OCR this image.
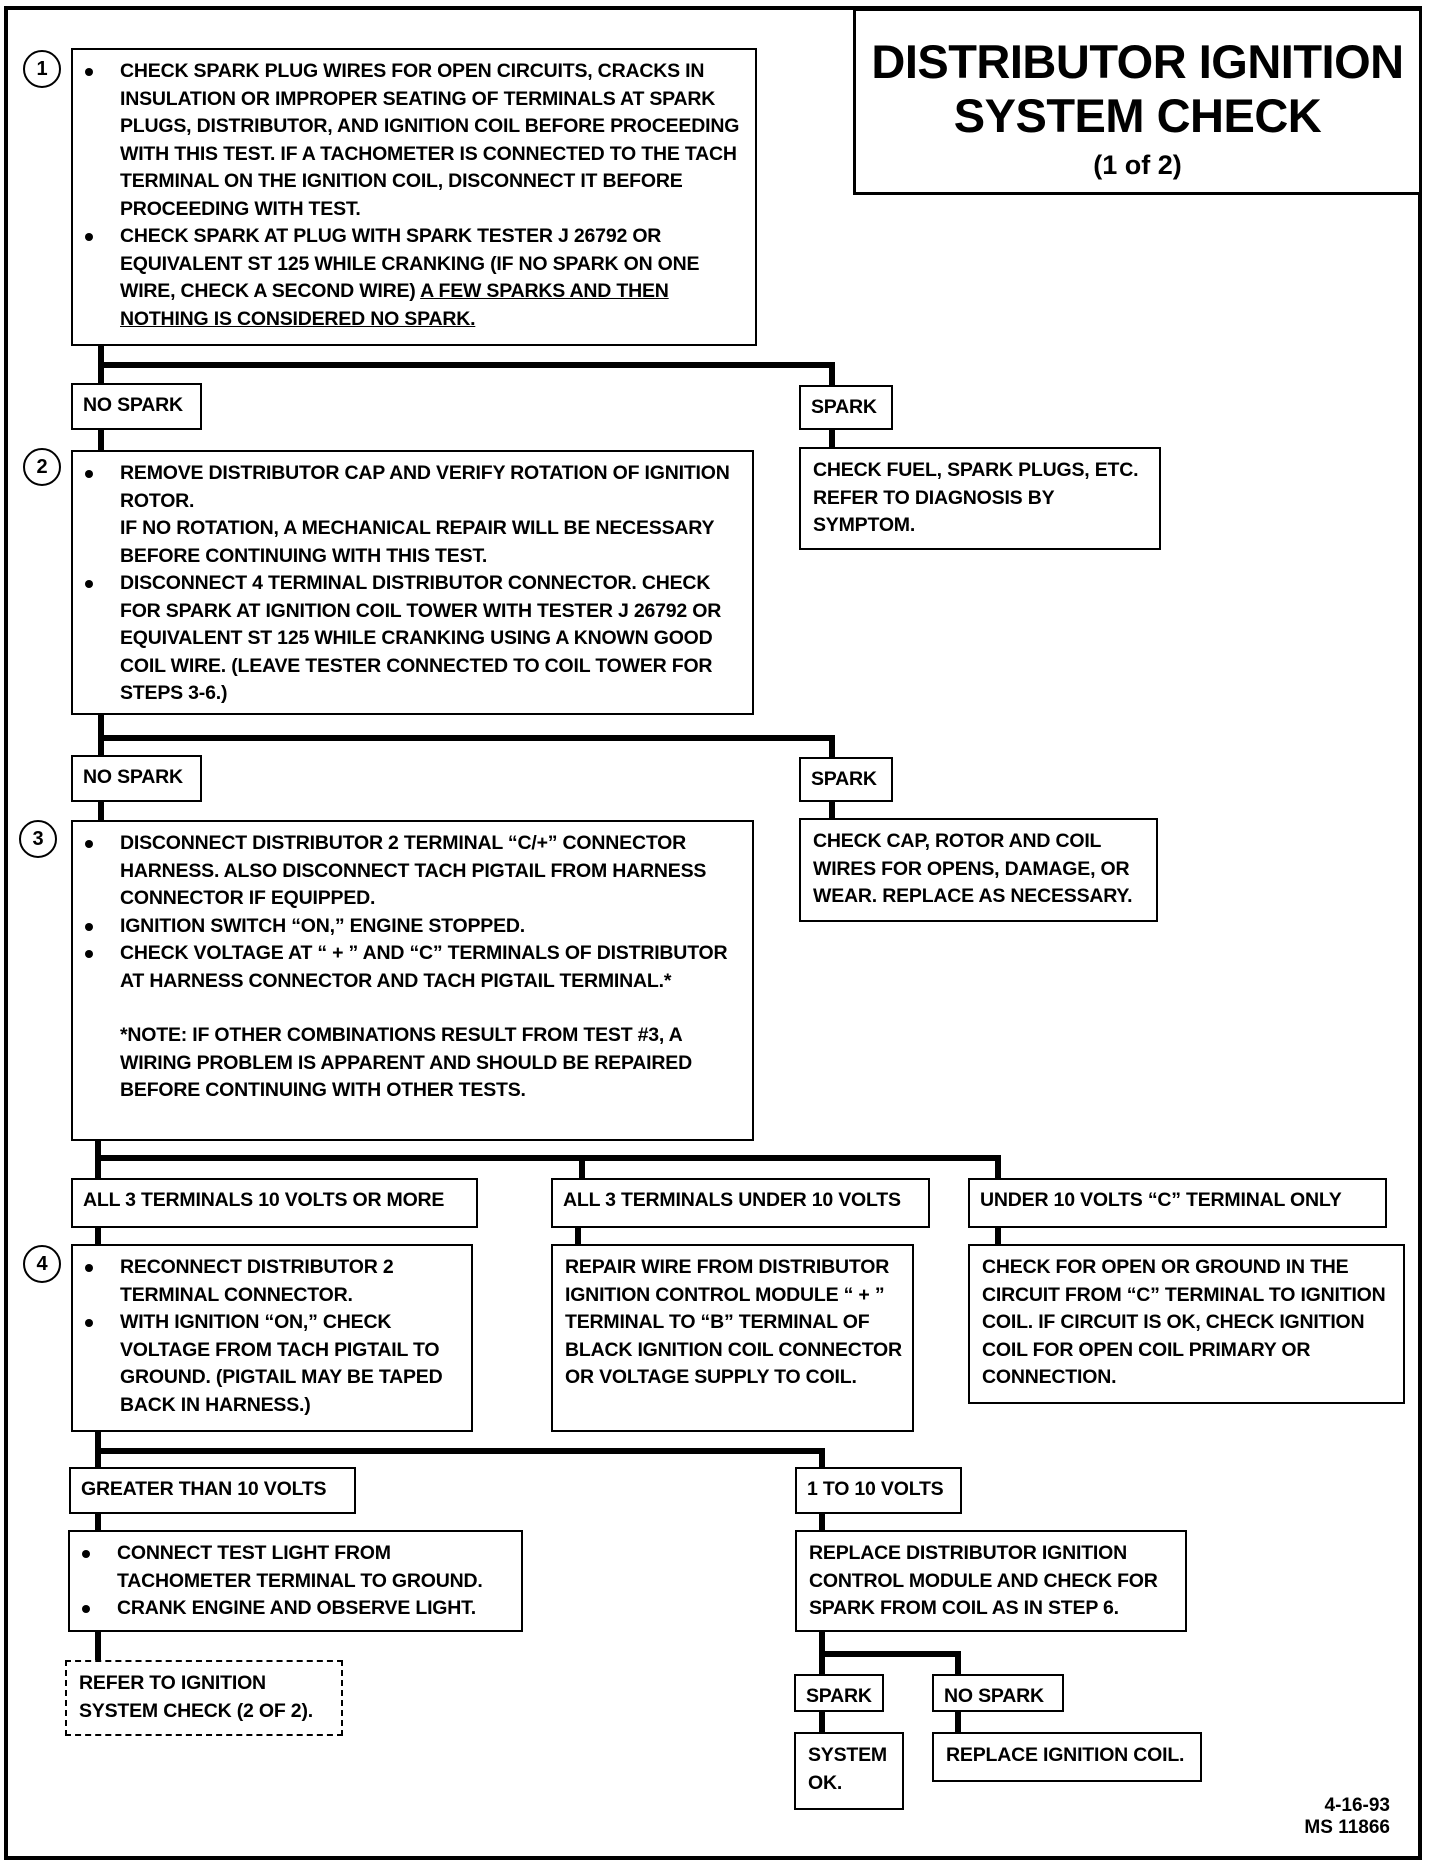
DISTRIBUTOR IGNITION SYSTEM CHECK
(1 of 2)
1
2
3
4
CHECK SPARK PLUG WIRES FOR OPEN CIRCUITS, CRACKS IN INSULATION OR IMPROPER SEATING OF TERMINALS AT SPARK PLUGS, DISTRIBUTOR, AND IGNITION COIL BEFORE PROCEEDING WITH THIS TEST. IF A TACHOMETER IS CONNECTED TO THE TACH TERMINAL ON THE IGNITION COIL, DISCONNECT IT BEFORE PROCEEDING WITH TEST.
CHECK SPARK AT PLUG WITH SPARK TESTER J 26792 OR EQUIVALENT ST 125 WHILE CRANKING (IF NO SPARK ON ONE WIRE, CHECK A SECOND WIRE) A FEW SPARKS AND THEN NOTHING IS CONSIDERED NO SPARK.
NO SPARK	SPARK
CHECK FUEL, SPARK PLUGS, ETC. REFER TO DIAGNOSIS BY SYMPTOM.
REMOVE DISTRIBUTOR CAP AND VERIFY ROTATION OF IGNITION ROTOR.
IF NO ROTATION, A MECHANICAL REPAIR WILL BE NECESSARY BEFORE CONTINUING WITH THIS TEST.
DISCONNECT 4 TERMINAL DISTRIBUTOR CONNECTOR. CHECK FOR SPARK AT IGNITION COIL TOWER WITH TESTER J 26792 OR EQUIVALENT ST 125 WHILE CRANKING USING A KNOWN GOOD COIL WIRE. (LEAVE TESTER CONNECTED TO COIL TOWER FOR STEPS 3-6.)
NO SPARK	SPARK
CHECK CAP, ROTOR AND COIL WIRES FOR OPENS, DAMAGE, OR WEAR. REPLACE AS NECESSARY.
DISCONNECT DISTRIBUTOR 2 TERMINAL “C/+” CONNECTOR HARNESS. ALSO DISCONNECT TACH PIGTAIL FROM HARNESS CONNECTOR IF EQUIPPED.
IGNITION SWITCH “ON,” ENGINE STOPPED.
CHECK VOLTAGE AT “ + ” AND “C” TERMINALS OF DISTRIBUTOR AT HARNESS CONNECTOR AND TACH PIGTAIL TERMINAL.*
*NOTE: IF OTHER COMBINATIONS RESULT FROM TEST #3, A WIRING PROBLEM IS APPARENT AND SHOULD BE REPAIRED BEFORE CONTINUING WITH OTHER TESTS.
ALL 3 TERMINALS 10 VOLTS OR MORE	ALL 3 TERMINALS UNDER 10 VOLTS	UNDER 10 VOLTS “C” TERMINAL ONLY
RECONNECT DISTRIBUTOR 2 TERMINAL CONNECTOR.
WITH IGNITION “ON,” CHECK VOLTAGE FROM TACH PIGTAIL TO GROUND. (PIGTAIL MAY BE TAPED BACK IN HARNESS.)
REPAIR WIRE FROM DISTRIBUTOR IGNITION CONTROL MODULE “ + ” TERMINAL TO “B” TERMINAL OF BLACK IGNITION COIL CONNECTOR OR VOLTAGE SUPPLY TO COIL.
CHECK FOR OPEN OR GROUND IN THE CIRCUIT FROM “C” TERMINAL TO IGNITION COIL. IF CIRCUIT IS OK, CHECK IGNITION COIL FOR OPEN COIL PRIMARY OR CONNECTION.
GREATER THAN 10 VOLTS	1 TO 10 VOLTS
CONNECT TEST LIGHT FROM TACHOMETER TERMINAL TO GROUND.
CRANK ENGINE AND OBSERVE LIGHT.
REPLACE DISTRIBUTOR IGNITION CONTROL MODULE AND CHECK FOR SPARK FROM COIL AS IN STEP 6.
REFER TO IGNITION SYSTEM CHECK (2 OF 2).
SPARK	NO SPARK
SYSTEM OK.
REPLACE IGNITION COIL.
4-16-93
MS 11866
